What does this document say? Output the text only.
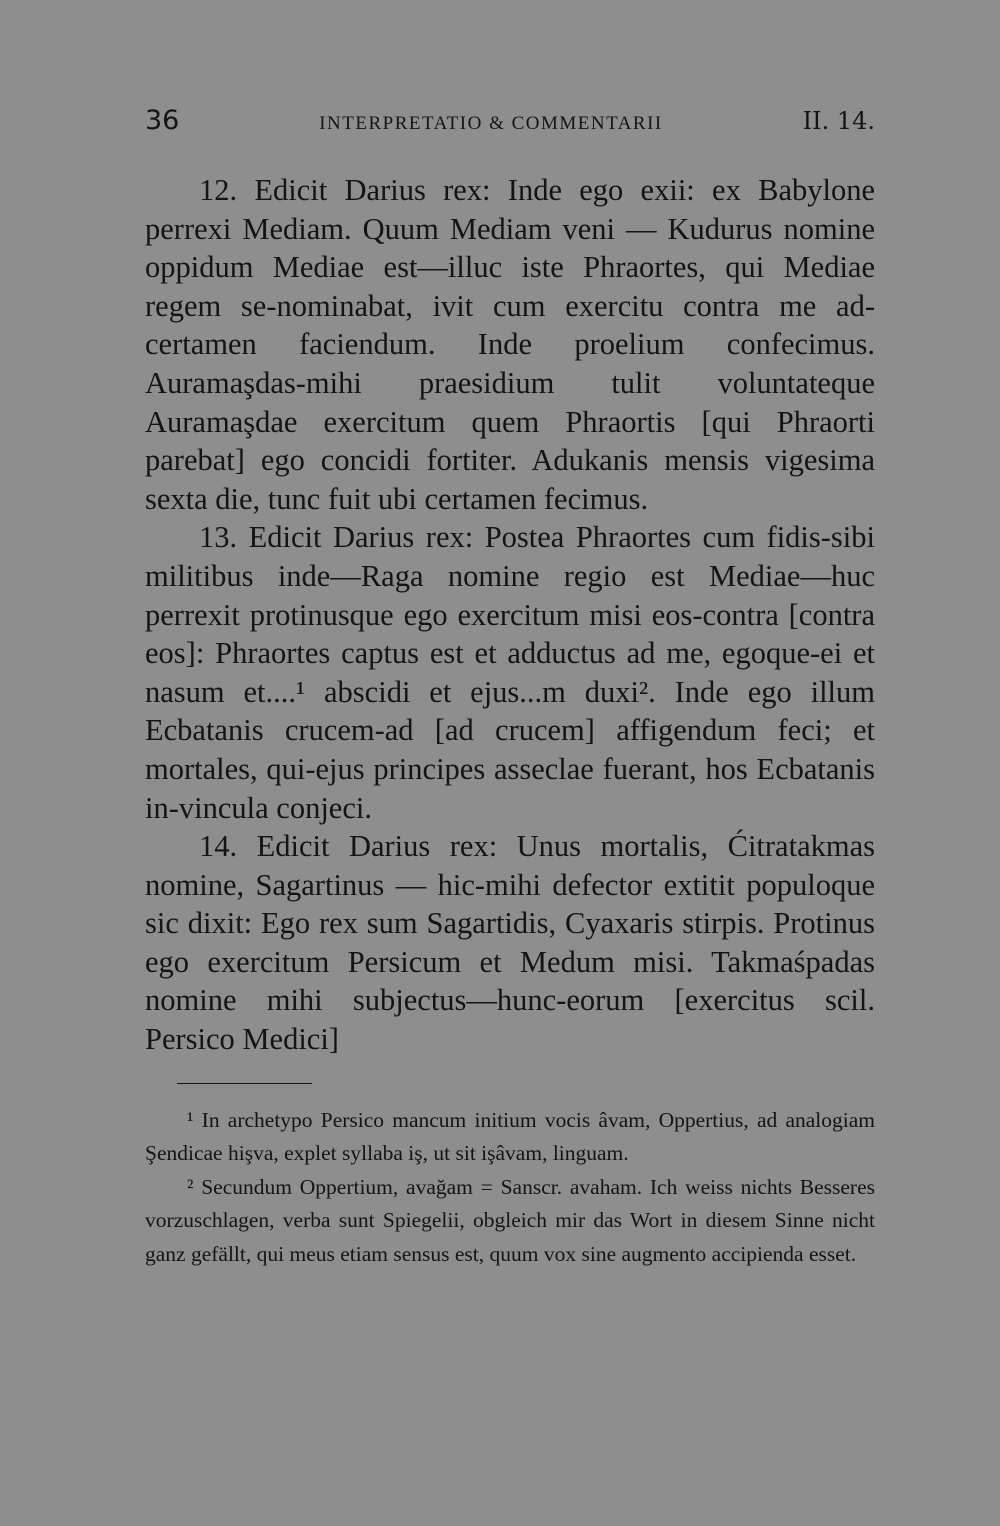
36	INTERPRETATIO & COMMENTARII	II. 14.

12. Edicit Darius rex: Inde ego exii: ex Babylone perrexi Mediam. Quum Mediam veni — Kudurus nomine oppidum Mediae est—illuc iste Phraortes, qui Mediae regem se-nominabat, ivit cum exercitu contra me ad-certamen faciendum. Inde proelium confecimus. Auramaşdas-mihi praesidium tulit voluntateque Auramaşdae exercitum quem Phraortis [qui Phraorti parebat] ego concidi fortiter. Adukanis mensis vigesima sexta die, tunc fuit ubi certamen fecimus.

13. Edicit Darius rex: Postea Phraortes cum fidis-sibi militibus inde—Raga nomine regio est Mediae—huc perrexit protinusque ego exercitum misi eos-contra [contra eos]: Phraortes captus est et adductus ad me, egoque-ei et nasum et....¹ abscidi et ejus...m duxi². Inde ego illum Ecbatanis crucem-ad [ad crucem] affigendum feci; et mortales, qui-ejus principes asseclae fuerant, hos Ecbatanis in-vincula conjeci.

14. Edicit Darius rex: Unus mortalis, Ćitratakmas nomine, Sagartinus — hic-mihi defector extitit populoque sic dixit: Ego rex sum Sagartidis, Cyaxaris stirpis. Protinus ego exercitum Persicum et Medum misi. Takmaśpadas nomine mihi subjectus—hunc-eorum [exercitus scil. Persico Medici]

¹ In archetypo Persico mancum initium vocis âvam, Oppertius, ad analogiam Şendicae hişva, explet syllaba iş, ut sit işâvam, linguam.

² Secundum Oppertium, avağam = Sanscr. avaham. Ich weiss nichts Besseres vorzuschlagen, verba sunt Spiegelii, obgleich mir das Wort in diesem Sinne nicht ganz gefällt, qui meus etiam sensus est, quum vox sine augmento accipienda esset.
